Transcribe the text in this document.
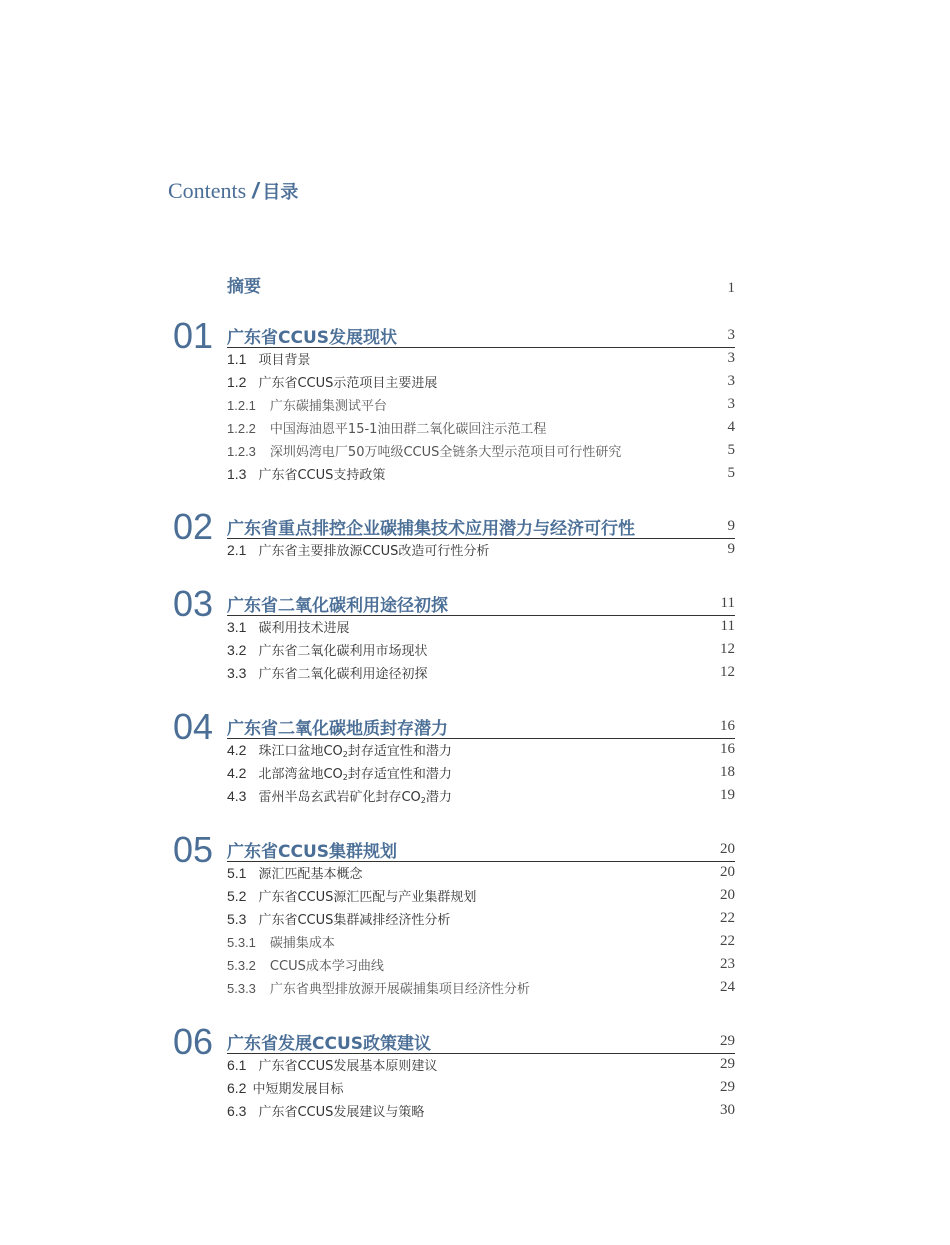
Contents / 目录
摘要	1
01 广东省CCUS发展现状	3
1.1 项目背景	3
1.2 广东省CCUS示范项目主要进展	3
1.2.1 广东碳捕集测试平台	3
1.2.2 中国海油恩平15-1油田群二氧化碳回注示范工程	4
1.2.3 深圳妈湾电厂50万吨级CCUS全链条大型示范项目可行性研究	5
1.3 广东省CCUS支持政策	5
02 广东省重点排控企业碳捕集技术应用潜力与经济可行性	9
2.1 广东省主要排放源CCUS改造可行性分析	9
03 广东省二氧化碳利用途径初探	11
3.1 碳利用技术进展	11
3.2 广东省二氧化碳利用市场现状	12
3.3 广东省二氧化碳利用途径初探	12
04 广东省二氧化碳地质封存潜力	16
4.2 珠江口盆地$CO_2$封存适宜性和潜力	16
4.2 北部湾盆地$CO_2$封存适宜性和潜力	18
4.3 雷州半岛玄武岩矿化封存$CO_2$潜力	19
05 广东省CCUS集群规划	20
5.1 源汇匹配基本概念	20
5.2 广东省CCUS源汇匹配与产业集群规划	20
5.3 广东省CCUS集群减排经济性分析	22
5.3.1 碳捕集成本	22
5.3.2 CCUS成本学习曲线	23
5.3.3 广东省典型排放源开展碳捕集项目经济性分析	24
06 广东省发展CCUS政策建议	29
6.1 广东省CCUS发展基本原则建议	29
6.2 中短期发展目标	29
6.3 广东省CCUS发展建议与策略	30
